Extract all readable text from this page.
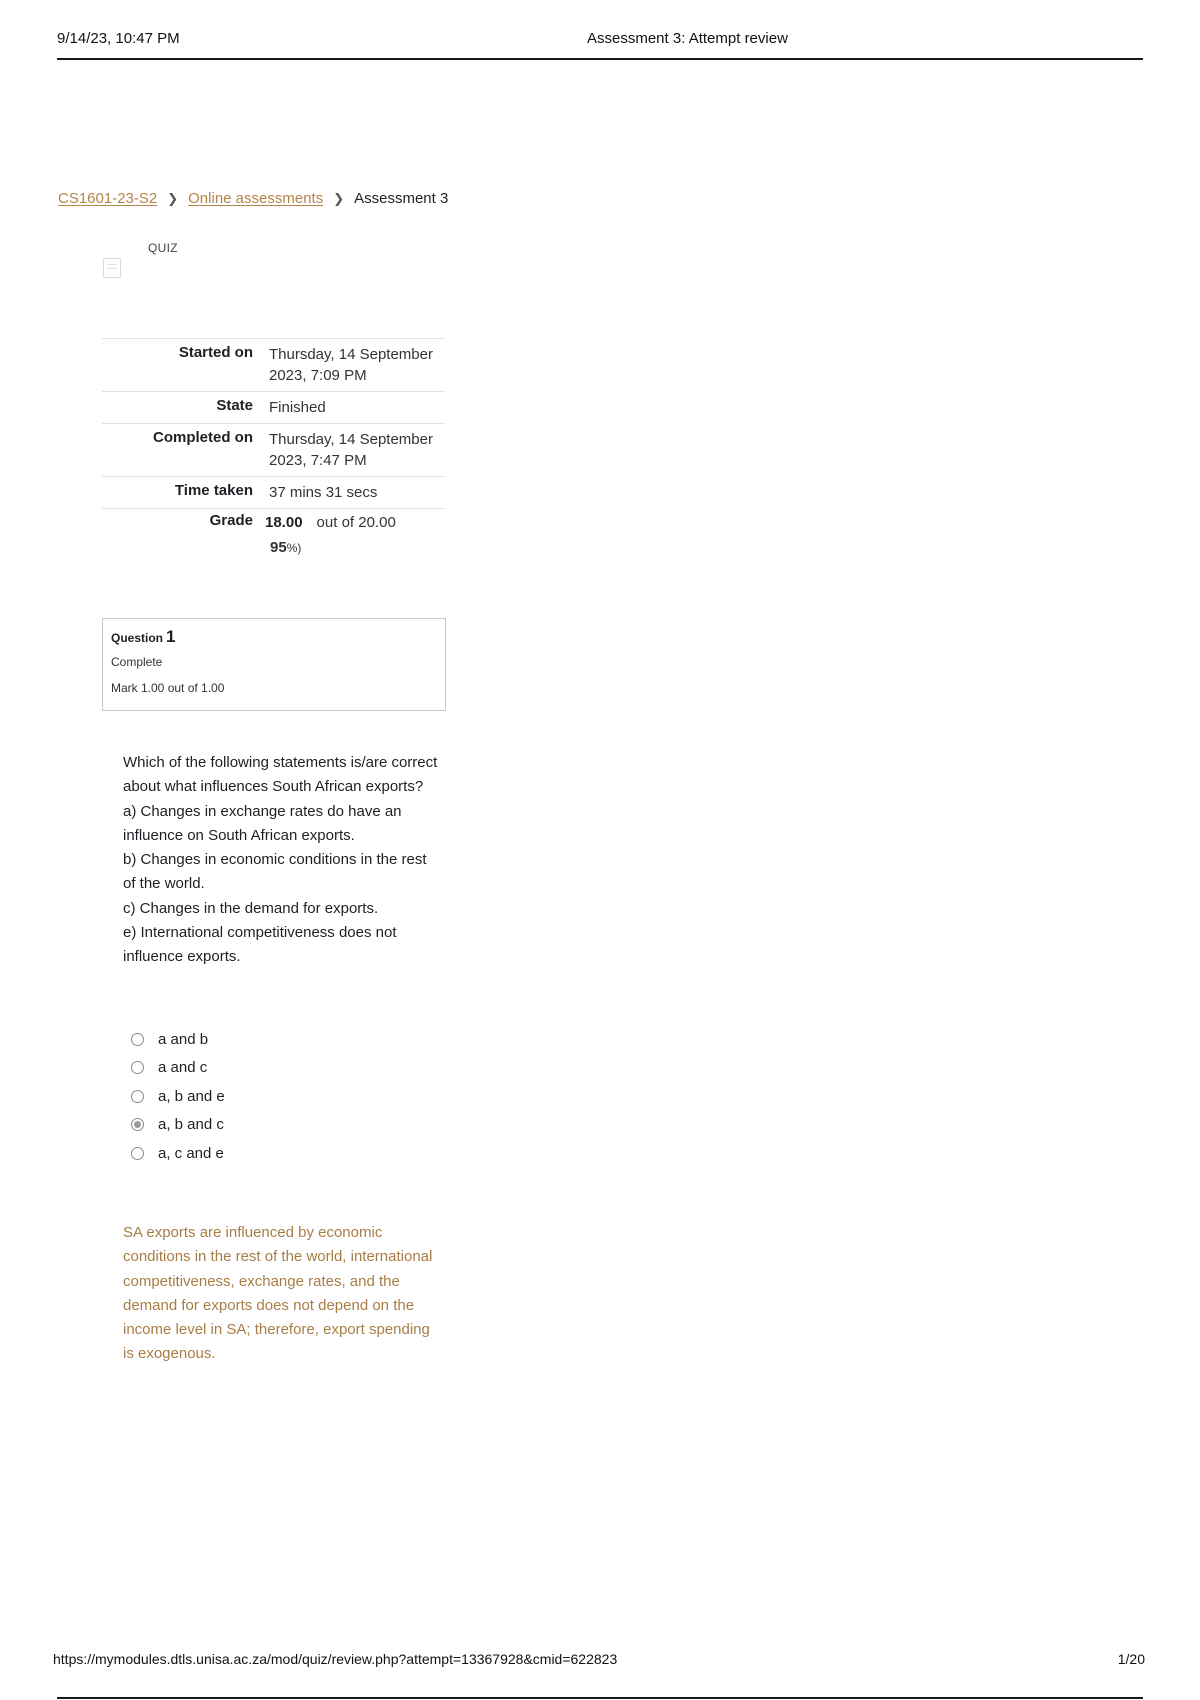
9/14/23, 10:47 PM	Assessment 3: Attempt review
CS1601-23-S2 ❯ Online assessments ❯ Assessment 3
QUIZ
Started on	Thursday, 14 September 2023, 7:09 PM
State	Finished
Completed on	Thursday, 14 September 2023, 7:47 PM
Time taken	37 mins 31 secs
Grade	18.00 out of 20.00
95%)
Question 1
Complete
Mark 1.00 out of 1.00

Which of the following statements is/are correct about what influences South African exports?

a) Changes in exchange rates do have an influence on South African exports.

b) Changes in economic conditions in the rest of the world.

c) Changes in the demand for exports.

e) International competitiveness does not influence exports.

a and b
a and c
a, b and e
a, b and c
a, c and e
SA exports are influenced by economic conditions in the rest of the world, international competitiveness, exchange rates, and the demand for exports does not depend on the income level in SA; therefore, export spending is exogenous.
https://mymodules.dtls.unisa.ac.za/mod/quiz/review.php?attempt=13367928&cmid=622823	1/20
